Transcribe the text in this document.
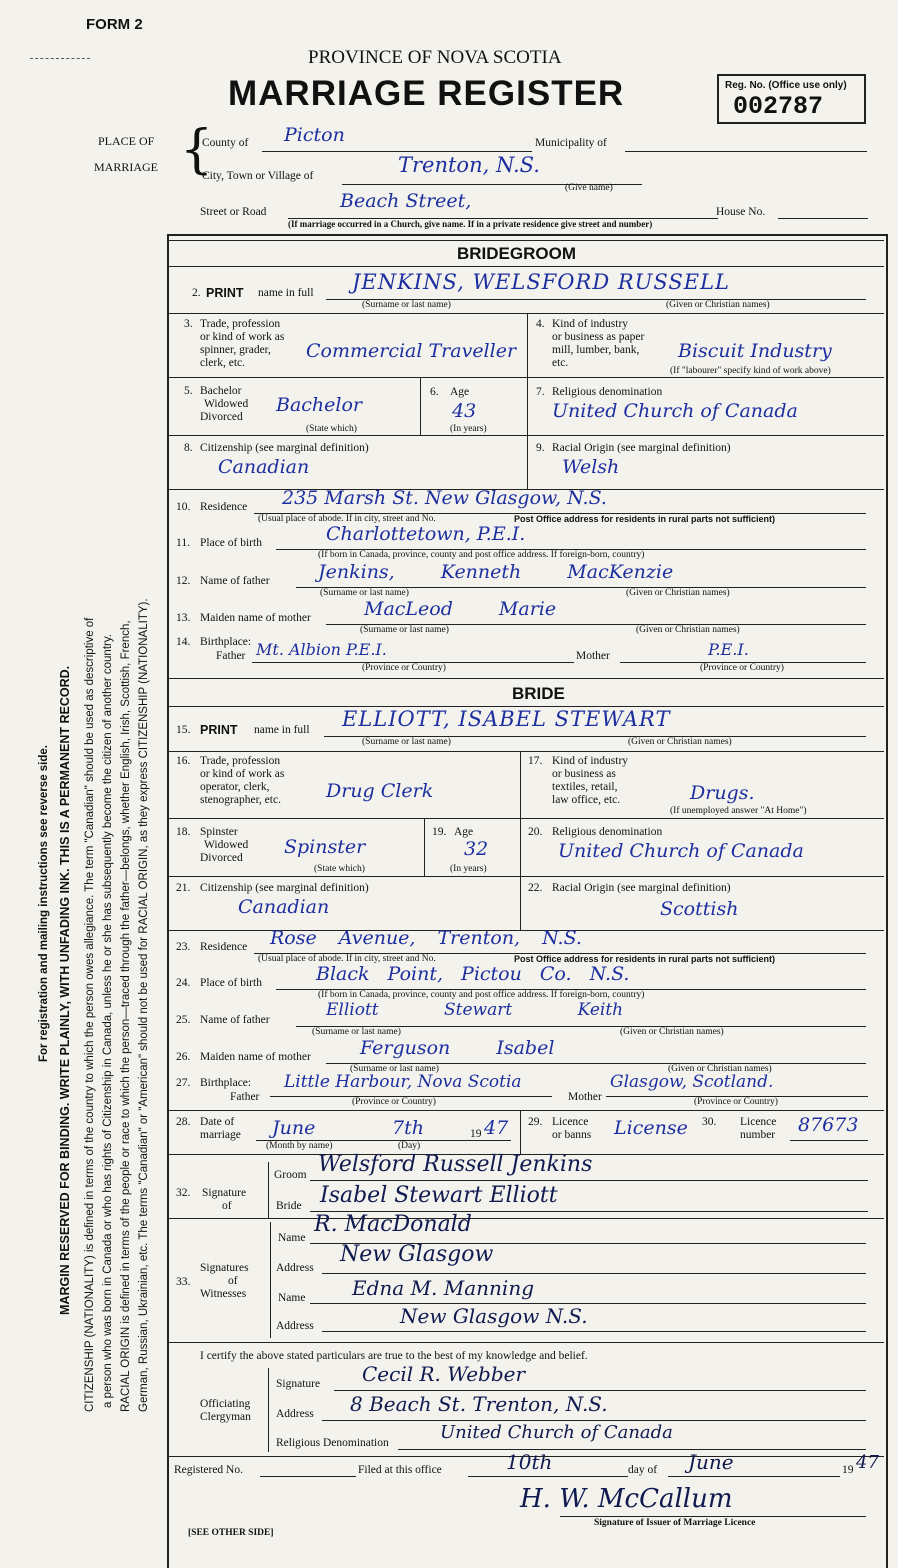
FORM 2
PROVINCE OF NOVA SCOTIA
MARRIAGE REGISTER	Reg. No. (Office use only)
002787
PLACE OF
MARRIAGE {
County of Picton	Municipality of
City, Town or Village of	Trenton, N.S.
(Give name)
Street or Road	Beach Street,	House No.
(If marriage occurred in a Church, give name. If in a private residence give street and number)
For registration and mailing instructions see reverse side. MARGIN RESERVED FOR BINDING. WRITE PLAINLY, WITH UNFADING INK. THIS IS A PERMANENT RECORD. CITIZENSHIP (NATIONALITY) is defined in terms of the country to which the person owes allegiance. The term "Canadian" should be used as descriptive of a person who was born in Canada or who has rights of Citizenship in Canada, unless he or she has subsequently become the citizen of another country. RACIAL ORIGIN is defined in terms of the people or race to which the person—traced through the father—belongs, whether English, Irish, Scottish, French, German, Russian, Ukrainian, etc. The terms "Canadian" or "American" should not be used for RACIAL ORIGIN, as they express CITIZENSHIP (NATIONALITY).
BRIDEGROOM
2. PRINT name in full JENKINS, WELSFORD RUSSELL
(Surname or last name)	(Given or Christian names)
3. Trade, profession
or kind of work as
spinner, grader,
clerk, etc.
Commercial Traveller
4. Kind of industry
or business as paper
mill, lumber, bank,
etc.
Biscuit Industry
(If "labourer" specify kind of work above)
5. Bachelor
Widowed
Divorced
Bachelor
(State which)
6. Age
43
(In years)
7. Religious denomination
United Church of Canada
8. Citizenship (see marginal definition)
Canadian
9. Racial Origin (see marginal definition)
Welsh
10. Residence 235 Marsh St. New Glasgow, N.S.
(Usual place of abode. If in city, street and No.	Post Office address for residents in rural parts not sufficient)
11. Place of birth	Charlottetown, P.E.I.
(If born in Canada, province, county and post office address. If foreign-born, country)
12. Name of father	Jenkins, Kenneth MacKenzie
(Surname or last name)	(Given or Christian names)
13. Maiden name of mother	MacLeod Marie
(Surname or last name)	(Given or Christian names)
14. Birthplace:
Father Mt. Albion P.E.I.	Mother	P.E.I.
(Province or Country)	(Province or Country)
BRIDE
15. PRINT name in full ELLIOTT, ISABEL STEWART
(Surname or last name)	(Given or Christian names)
16. Trade, profession
or kind of work as
operator, clerk,
stenographer, etc. Drug Clerk
17. Kind of industry
or business as
textiles, retail,
law office, etc.	Drugs.
(If unemployed answer "At Home")
18. Spinster
Widowed
Divorced Spinster
(State which)
19. Age
32
(In years)
20. Religious denomination
United Church of Canada
21. Citizenship (see marginal definition)
Canadian
22. Racial Origin (see marginal definition)
Scottish
23. Residence Rose Avenue, Trenton, N.S.
(Usual place of abode. If in city, street and No.	Post Office address for residents in rural parts not sufficient)
24. Place of birth	Black Point, Pictou Co. N.S.
(If born in Canada, province, county and post office address. If foreign-born, country)
25. Name of father	Elliott Stewart Keith
(Surname or last name)	(Given or Christian names)
26. Maiden name of mother	Ferguson Isabel
(Surname or last name)	(Given or Christian names)
27. Birthplace:
Father
Little Harbour, Nova Scotia
Mother
Glasgow, Scotland.
(Province or Country)	(Province or Country)
28. Date of
marriage June	7th	19 47
(Month by name)	(Day)
29. Licence
or banns License 30. Licence
number 87673
Groom Welsford Russell Jenkins
32. Signature
of	Bride Isabel Stewart Elliott
Name
R. MacDonald
Address
New Glasgow
33.
Signatures
of
Witnesses	Name Edna M. Manning
Address	New Glasgow N.S.
I certify the above stated particulars are true to the best of my knowledge and belief.
Signature Cecil R. Webber
Officiating
Clergyman Address 8 Beach St. Trenton, N.S.
Religious Denomination	United Church of Canada
Registered No.	Filed at this office	10th	day of June	19 47
H. W. McCallum
Signature of Issuer of Marriage Licence
[SEE OTHER SIDE]
